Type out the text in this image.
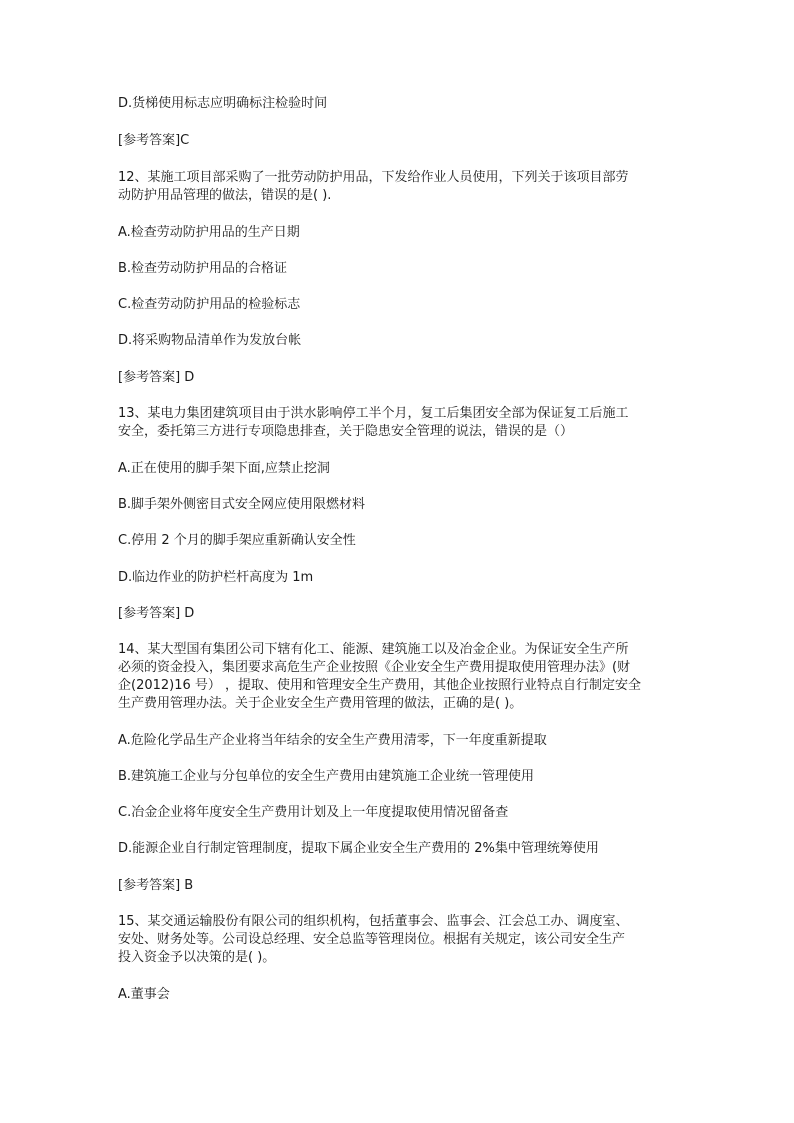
D.货梯使用标志应明确标注检验时间

[参考答案]C

12、某施工项目部采购了一批劳动防护用品，下发给作业人员使用，下列关于该项目部劳

动防护用品管理的做法，错误的是( ).

A.检查劳动防护用品的生产日期

B.检查劳动防护用品的合格证

C.检查劳动防护用品的检验标志

D.将采购物品清单作为发放台帐

[参考答案] D

13、某电力集团建筑项目由于洪水影响停工半个月，复工后集团安全部为保证复工后施工

安全，委托第三方进行专项隐患排查，关于隐患安全管理的说法，错误的是（）

A.正在使用的脚手架下面,应禁止挖洞

B.脚手架外侧密目式安全网应使用限燃材料

C.停用 2 个月的脚手架应重新确认安全性

D.临边作业的防护栏杆高度为 1m

[参考答案] D

14、某大型国有集团公司下辖有化工、能源、建筑施工以及冶金企业。为保证安全生产所

必须的资金投入，集团要求高危生产企业按照《企业安全生产费用提取使用管理办法》(财

企(2012)16 号） ，提取、使用和管理安全生产费用，其他企业按照行业特点自行制定安全

生产费用管理办法。关于企业安全生产费用管理的做法，正确的是( )。

A.危险化学品生产企业将当年结余的安全生产费用清零，下一年度重新提取

B.建筑施工企业与分包单位的安全生产费用由建筑施工企业统一管理使用

C.冶金企业将年度安全生产费用计划及上一年度提取使用情况留备查

D.能源企业自行制定管理制度，提取下属企业安全生产费用的 2%集中管理统筹使用

[参考答案] B

15、某交通运输股份有限公司的组织机构，包括董事会、监事会、江会总工办、调度室、

安处、财务处等。公司设总经理、安全总监等管理岗位。根据有关规定，该公司安全生产

投入资金予以决策的是( )。

A.董事会
